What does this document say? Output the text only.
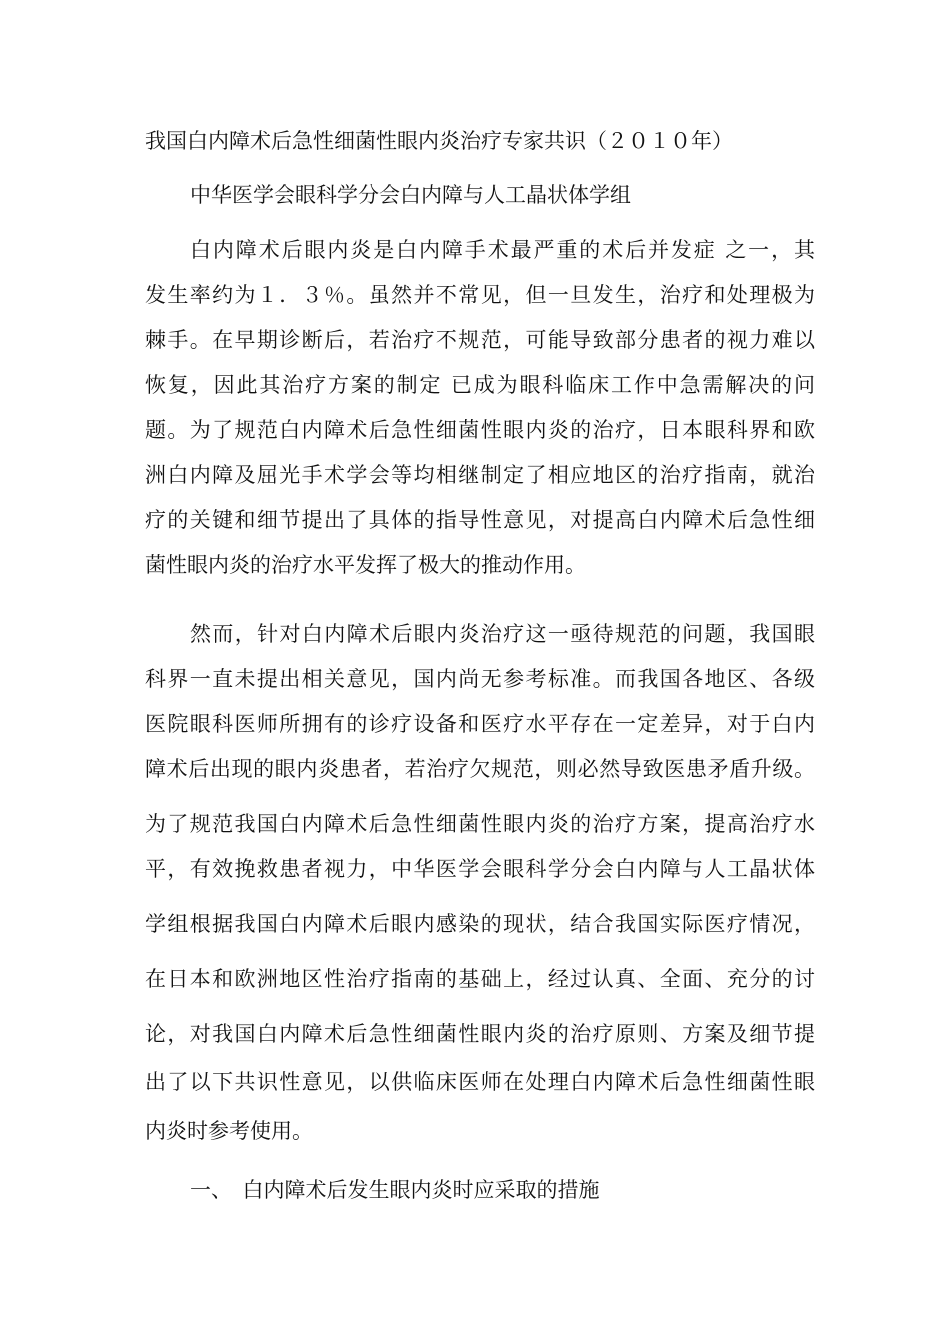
我国白内障术后急性细菌性眼内炎治疗专家共识（２０１０年）
中华医学会眼科学分会白内障与人工晶状体学组
白内障术后眼内炎是白内障手术最严重的术后并发症 之一，其
发生率约为１．３％。虽然并不常见，但一旦发生，治疗和处理极为
棘手。在早期诊断后，若治疗不规范，可能导致部分患者的视力难以
恢复，因此其治疗方案的制定 已成为眼科临床工作中急需解决的问
题。为了规范白内障术后急性细菌性眼内炎的治疗，日本眼科界和欧
洲白内障及屈光手术学会等均相继制定了相应地区的治疗指南，就治
疗的关键和细节提出了具体的指导性意见，对提高白内障术后急性细
菌性眼内炎的治疗水平发挥了极大的推动作用。
然而，针对白内障术后眼内炎治疗这一亟待规范的问题，我国眼
科界一直未提出相关意见，国内尚无参考标准。而我国各地区、各级
医院眼科医师所拥有的诊疗设备和医疗水平存在一定差异，对于白内
障术后出现的眼内炎患者，若治疗欠规范，则必然导致医患矛盾升级。
为了规范我国白内障术后急性细菌性眼内炎的治疗方案，提高治疗水
平，有效挽救患者视力，中华医学会眼科学分会白内障与人工晶状体
学组根据我国白内障术后眼内感染的现状，结合我国实际医疗情况，
在日本和欧洲地区性治疗指南的基础上，经过认真、全面、充分的讨
论，对我国白内障术后急性细菌性眼内炎的治疗原则、方案及细节提
出了以下共识性意见，以供临床医师在处理白内障术后急性细菌性眼
内炎时参考使用。
一、　白内障术后发生眼内炎时应采取的措施
